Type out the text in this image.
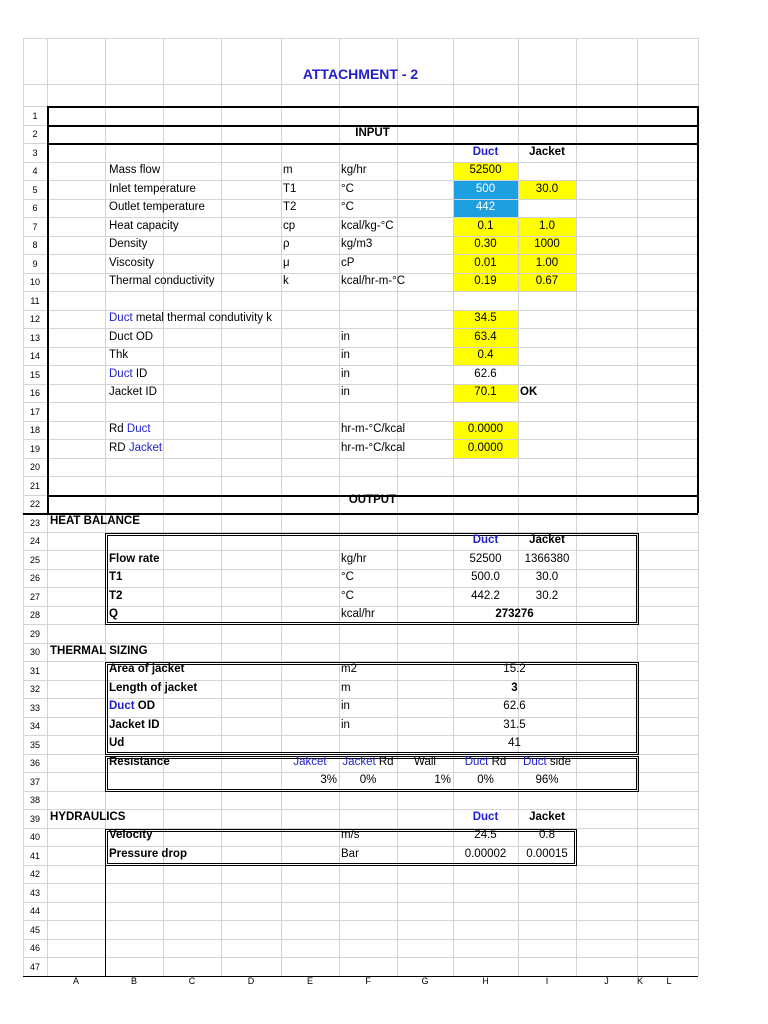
ATTACHMENT - 2
1
2
3
4
5
6
7
8
9
10
11
12
13
14
15
16
17
18
19
20
21
22
23
24
25
26
27
28
29
30
31
32
33
34
35
36
37
38
39
40
41
42
43
44
45
46
47
A	B	C	D	E	F	G	H	I	J	K	L
INPUT
Duct	Jacket
Mass flow	m	kg/hr	52500
Inlet temperature	T1	°C	500	30.0
Outlet temperature	T2	°C	442
Heat capacity	cp	kcal/kg-°C	0.1	1.0
Density	ρ	kg/m3	0.30	1000
Viscosity	μ	cP	0.01	1.00
Thermal conductivity	k	kcal/hr-m-°C	0.19	0.67
Duct metal thermal condutivity k	34.5
Duct OD	in	63.4
Thk	in	0.4
Duct ID	in	62.6
Jacket ID	in	70.1	OK
Rd Duct	hr-m-°C/kcal	0.0000
RD Jacket	hr-m-°C/kcal	0.0000
OUTPUT
HEAT BALANCE
Duct	Jacket
Flow rate	kg/hr	52500	1366380
T1	°C	500.0	30.0
T2	°C	442.2	30.2
Q	kcal/hr	273276
THERMAL SIZING
Area of jacket	m2	15.2
Length of jacket	m	3
Duct OD	in	62.6
Jacket ID	in	31.5
Ud	41
Resistance	Jakcet	Jacket Rd	Wall	Duct Rd	Duct side
3%	0%	1%	0%	96%
HYDRAULICS	Duct	Jacket
Velocity	m/s	24.5	0.8
Pressure drop	Bar	0.00002	0.00015
